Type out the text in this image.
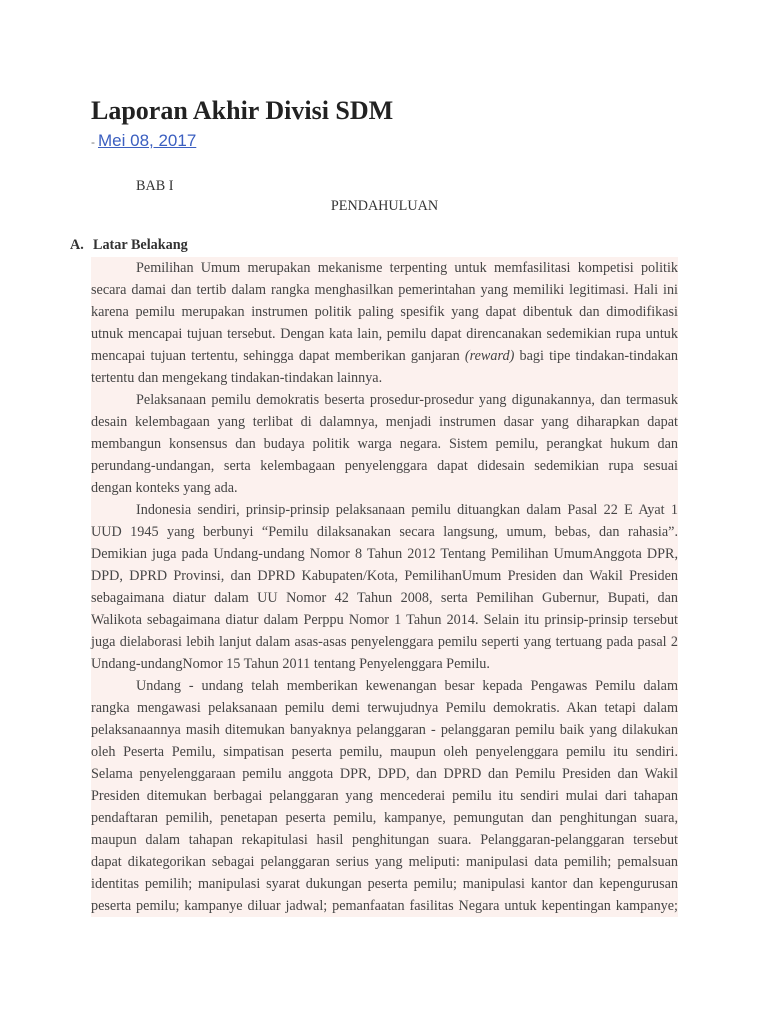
Laporan Akhir Divisi SDM
- Mei 08, 2017
BAB I
PENDAHULUAN
A. Latar Belakang
Pemilihan Umum merupakan mekanisme terpenting untuk memfasilitasi kompetisi politik
secara damai dan tertib dalam rangka menghasilkan pemerintahan yang memiliki legitimasi. Hali ini
karena pemilu merupakan instrumen politik paling spesifik yang dapat dibentuk dan dimodifikasi
utnuk mencapai tujuan tersebut. Dengan kata lain, pemilu dapat direncanakan sedemikian rupa untuk
mencapai tujuan tertentu, sehingga dapat memberikan ganjaran (reward) bagi tipe tindakan-tindakan
tertentu dan mengekang tindakan-tindakan lainnya.
Pelaksanaan pemilu demokratis beserta prosedur-prosedur yang digunakannya, dan termasuk
desain kelembagaan yang terlibat di dalamnya, menjadi instrumen dasar yang diharapkan dapat
membangun konsensus dan budaya politik warga negara. Sistem pemilu, perangkat hukum dan
perundang-undangan, serta kelembagaan penyelenggara dapat didesain sedemikian rupa sesuai
dengan konteks yang ada.
Indonesia sendiri, prinsip-prinsip pelaksanaan pemilu dituangkan dalam Pasal 22 E Ayat 1
UUD 1945 yang berbunyi “Pemilu dilaksanakan secara langsung, umum, bebas, dan rahasia”.
Demikian juga pada Undang-undang Nomor 8 Tahun 2012 Tentang Pemilihan UmumAnggota DPR,
DPD, DPRD Provinsi, dan DPRD Kabupaten/Kota, PemilihanUmum Presiden dan Wakil Presiden
sebagaimana diatur dalam UU Nomor 42 Tahun 2008, serta Pemilihan Gubernur, Bupati, dan
Walikota sebagaimana diatur dalam Perppu Nomor 1 Tahun 2014. Selain itu prinsip-prinsip tersebut
juga dielaborasi lebih lanjut dalam asas-asas penyelenggara pemilu seperti yang tertuang pada pasal 2
Undang-undangNomor 15 Tahun 2011 tentang Penyelenggara Pemilu.
Undang - undang telah memberikan kewenangan besar kepada Pengawas Pemilu dalam
rangka mengawasi pelaksanaan pemilu demi terwujudnya Pemilu demokratis. Akan tetapi dalam
pelaksanaannya masih ditemukan banyaknya pelanggaran - pelanggaran pemilu baik yang dilakukan
oleh Peserta Pemilu, simpatisan peserta pemilu, maupun oleh penyelenggara pemilu itu sendiri.
Selama penyelenggaraan pemilu anggota DPR, DPD, dan DPRD dan Pemilu Presiden dan Wakil
Presiden ditemukan berbagai pelanggaran yang mencederai pemilu itu sendiri mulai dari tahapan
pendaftaran pemilih, penetapan peserta pemilu, kampanye, pemungutan dan penghitungan suara,
maupun dalam tahapan rekapitulasi hasil penghitungan suara. Pelanggaran-pelanggaran tersebut
dapat dikategorikan sebagai pelanggaran serius yang meliputi: manipulasi data pemilih; pemalsuan
identitas pemilih; manipulasi syarat dukungan peserta pemilu; manipulasi kantor dan kepengurusan
peserta pemilu; kampanye diluar jadwal; pemanfaatan fasilitas Negara untuk kepentingan kampanye;
